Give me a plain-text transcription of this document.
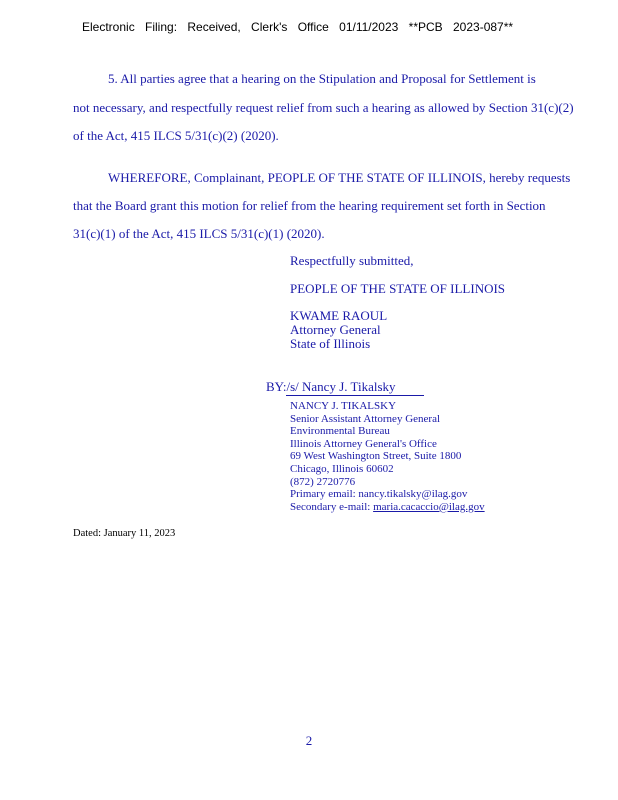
Electronic Filing: Received, Clerk's Office 01/11/2023 **PCB 2023-087**
5. All parties agree that a hearing on the Stipulation and Proposal for Settlement is
not necessary, and respectfully request relief from such a hearing as allowed by Section 31(c)(2)
of the Act, 415 ILCS 5/31(c)(2) (2020).
WHEREFORE, Complainant, PEOPLE OF THE STATE OF ILLINOIS, hereby requests
that the Board grant this motion for relief from the hearing requirement set forth in Section
31(c)(1) of the Act, 415 ILCS 5/31(c)(1) (2020).
Respectfully submitted,
PEOPLE OF THE STATE OF ILLINOIS
KWAME RAOUL
Attorney General
State of Illinois
BY:/s/ Nancy J. Tikalsky
NANCY J. TIKALSKY
Senior Assistant Attorney General
Environmental Bureau
Illinois Attorney General's Office
69 West Washington Street, Suite 1800
Chicago, Illinois 60602
(872) 2720776
Primary email: nancy.tikalsky@ilag.gov
Secondary e-mail: maria.cacaccio@ilag.gov
Dated: January 11, 2023
2
